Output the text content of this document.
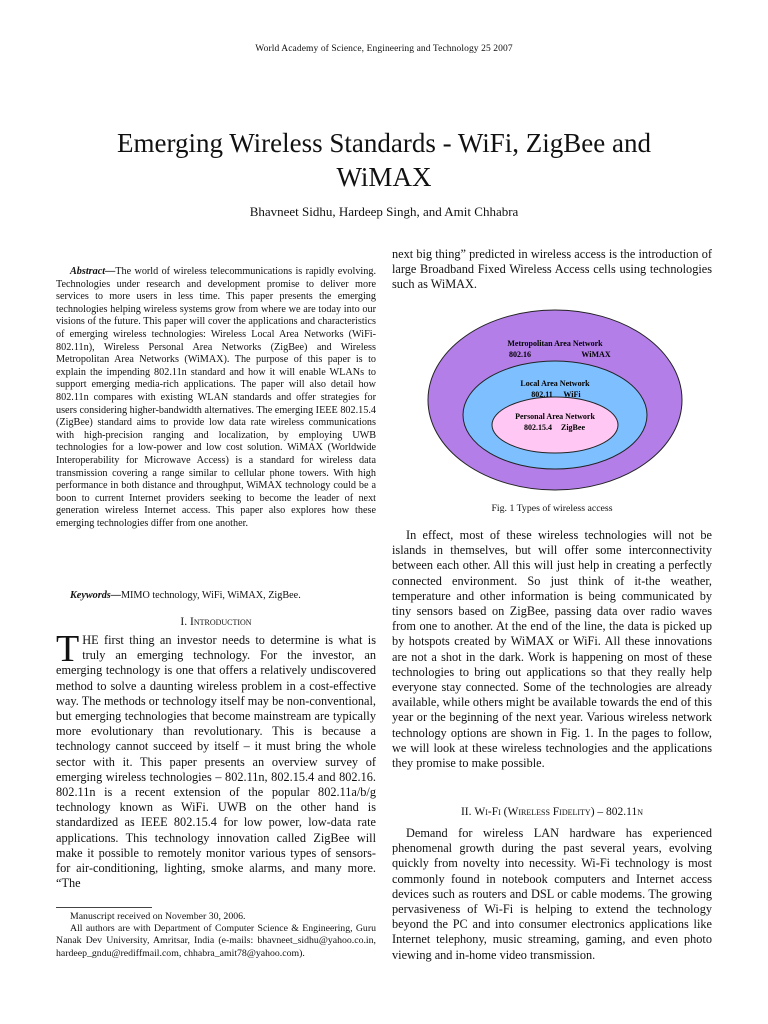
World Academy of Science, Engineering and Technology 25 2007
Emerging Wireless Standards - WiFi, ZigBee and WiMAX
Bhavneet Sidhu, Hardeep Singh, and Amit Chhabra

Abstract—The world of wireless telecommunications is rapidly evolving. Technologies under research and development promise to deliver more services to more users in less time. This paper presents the emerging technologies helping wireless systems grow from where we are today into our visions of the future. This paper will cover the applications and characteristics of emerging wireless technologies: Wireless Local Area Networks (WiFi-802.11n), Wireless Personal Area Networks (ZigBee) and Wireless Metropolitan Area Networks (WiMAX). The purpose of this paper is to explain the impending 802.11n standard and how it will enable WLANs to support emerging media-rich applications. The paper will also detail how 802.11n compares with existing WLAN standards and offer strategies for users considering higher-bandwidth alternatives. The emerging IEEE 802.15.4 (ZigBee) standard aims to provide low data rate wireless communications with high-precision ranging and localization, by employing UWB technologies for a low-power and low cost solution. WiMAX (Worldwide Interoperability for Microwave Access) is a standard for wireless data transmission covering a range similar to cellular phone towers. With high performance in both distance and throughput, WiMAX technology could be a boon to current Internet providers seeking to become the leader of next generation wireless Internet access. This paper also explores how these emerging technologies differ from one another.

Keywords—MIMO technology, WiFi, WiMAX, ZigBee.

I. Introduction

THE first thing an investor needs to determine is what is truly an emerging technology. For the investor, an emerging technology is one that offers a relatively undiscovered method to solve a daunting wireless problem in a cost-effective way. The methods or technology itself may be non-conventional, but emerging technologies that become mainstream are typically more evolutionary than revolutionary. This is because a technology cannot succeed by itself – it must bring the whole sector with it. This paper presents an overview survey of emerging wireless technologies – 802.11n, 802.15.4 and 802.16. 802.11n is a recent extension of the popular 802.11a/b/g technology known as WiFi. UWB on the other hand is standardized as IEEE 802.15.4 for low power, low-data rate applications. This technology innovation called ZigBee will make it possible to remotely monitor various types of sensors-for air-conditioning, lighting, smoke alarms, and many more. “The

Manuscript received on November 30, 2006.

All authors are with Department of Computer Science & Engineering, Guru Nanak Dev University, Amritsar, India (e-mails: bhavneet_sidhu@yahoo.co.in, hardeep_gndu@rediffmail.com, chhabra_amit78@yahoo.com).

next big thing” predicted in wireless access is the introduction of large Broadband Fixed Wireless Access cells using technologies such as WiMAX.

Metropolitan Area Network
802.16	WiMAX
Local Area Network
802.11 WiFi
Personal Area Network
802.15.4 ZigBee
Fig. 1 Types of wireless access

In effect, most of these wireless technologies will not be islands in themselves, but will offer some interconnectivity between each other. All this will just help in creating a perfectly connected environment. So just think of it-the weather, temperature and other information is being communicated by tiny sensors based on ZigBee, passing data over radio waves from one to another. At the end of the line, the data is picked up by hotspots created by WiMAX or WiFi. All these innovations are not a shot in the dark. Work is happening on most of these technologies to bring out applications so that they really help everyone stay connected. Some of the technologies are already available, while others might be available towards the end of this year or the beginning of the next year. Various wireless network technology options are shown in Fig. 1. In the pages to follow, we will look at these wireless technologies and the applications they promise to make possible.

II. Wi-Fi (Wireless Fidelity) – 802.11n

Demand for wireless LAN hardware has experienced phenomenal growth during the past several years, evolving quickly from novelty into necessity. Wi-Fi technology is most commonly found in notebook computers and Internet access devices such as routers and DSL or cable modems. The growing pervasiveness of Wi-Fi is helping to extend the technology beyond the PC and into consumer electronics applications like Internet telephony, music streaming, gaming, and even photo viewing and in-home video transmission.
